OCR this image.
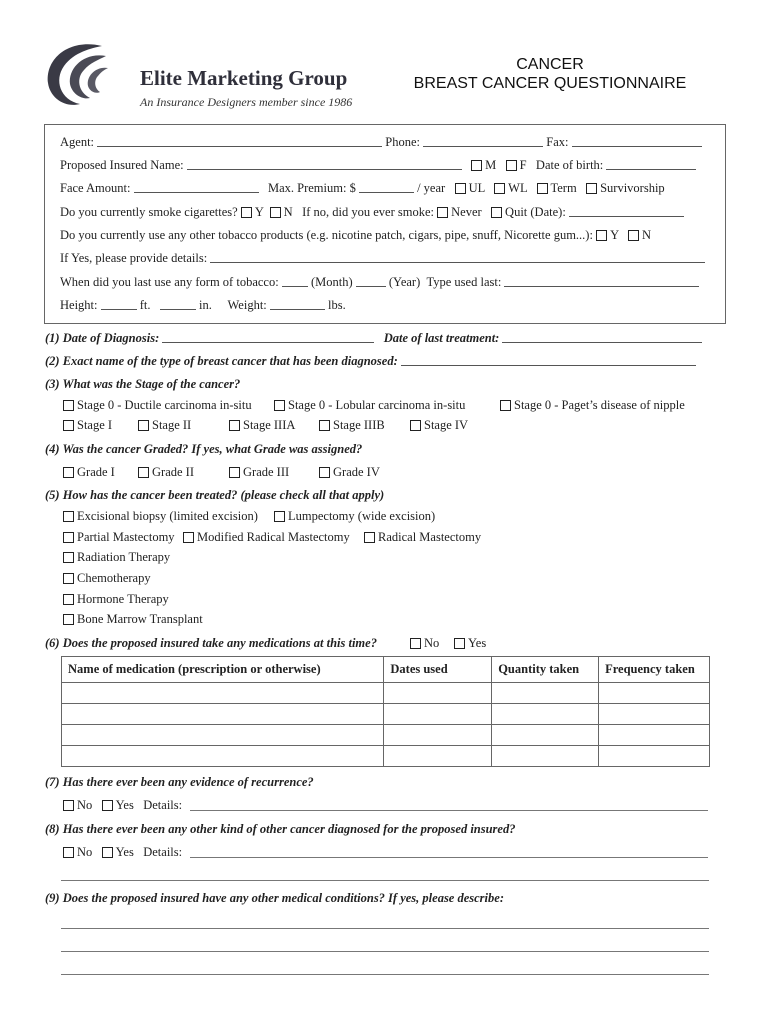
Elite Marketing Group
An Insurance Designers member since 1986
CANCER
BREAST CANCER QUESTIONNAIRE
Agent:	Phone:	Fax:
Proposed Insured Name:	M F Date of birth:
Face Amount:	Max. Premium: $	/ year UL WL Term Survivorship
Do you currently smoke cigarettes? Y N If no, did you ever smoke: Never Quit (Date):
Do you currently use any other tobacco products (e.g. nicotine patch, cigars, pipe, snuff, Nicorette gum...): Y N
If Yes, please provide details:
When did you last use any form of tobacco:	(Month)	(Year) Type used last:
Height:	ft.	in. Weight:	lbs.
(1) Date of Diagnosis:	Date of last treatment:
(2) Exact name of the type of breast cancer that has been diagnosed:
(3) What was the Stage of the cancer?
Stage 0 - Ductile carcinoma in-situ	Stage 0 - Lobular carcinoma in-situ	Stage 0 - Paget’s disease of nipple
Stage I	Stage II	Stage IIIA	Stage IIIB	Stage IV
(4) Was the cancer Graded? If yes, what Grade was assigned?
Grade I	Grade II	Grade III	Grade IV
(5) How has the cancer been treated? (please check all that apply)
Excisional biopsy (limited excision)	Lumpectomy (wide excision)
Partial Mastectomy	Modified Radical Mastectomy	Radical Mastectomy
Radiation Therapy
Chemotherapy
Hormone Therapy
Bone Marrow Transplant
(6) Does the proposed insured take any medications at this time?	No	Yes
Name of medication (prescription or otherwise)	Dates used	Quantity taken	Frequency taken

(7) Has there ever been any evidence of recurrence?
No Yes Details:
(8) Has there ever been any other kind of other cancer diagnosed for the proposed insured?
No Yes Details:
(9) Does the proposed insured have any other medical conditions? If yes, please describe:
